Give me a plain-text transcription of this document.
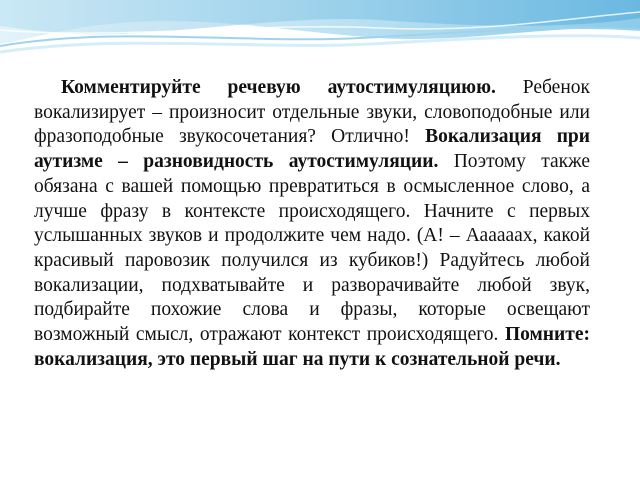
Комментируйте речевую аутостимуляциюю. Ребенок вокализирует – произносит отдельные звуки, словоподобные или фразоподобные звукосочетания? Отлично! Вокализация при аутизме – разновидность аутостимуляции. Поэтому также обязана с вашей помощью превратиться в осмысленное слово, а лучше фразу в контексте происходящего. Начните с первых услышанных звуков и продолжите чем надо. (А! – Аааааах, какой красивый паровозик получился из кубиков!) Радуйтесь любой вокализации, подхватывайте и разворачивайте любой звук, подбирайте похожие слова и фразы, которые освещают возможный смысл, отражают контекст происходящего. Помните: вокализация, это первый шаг на пути к сознательной речи.
